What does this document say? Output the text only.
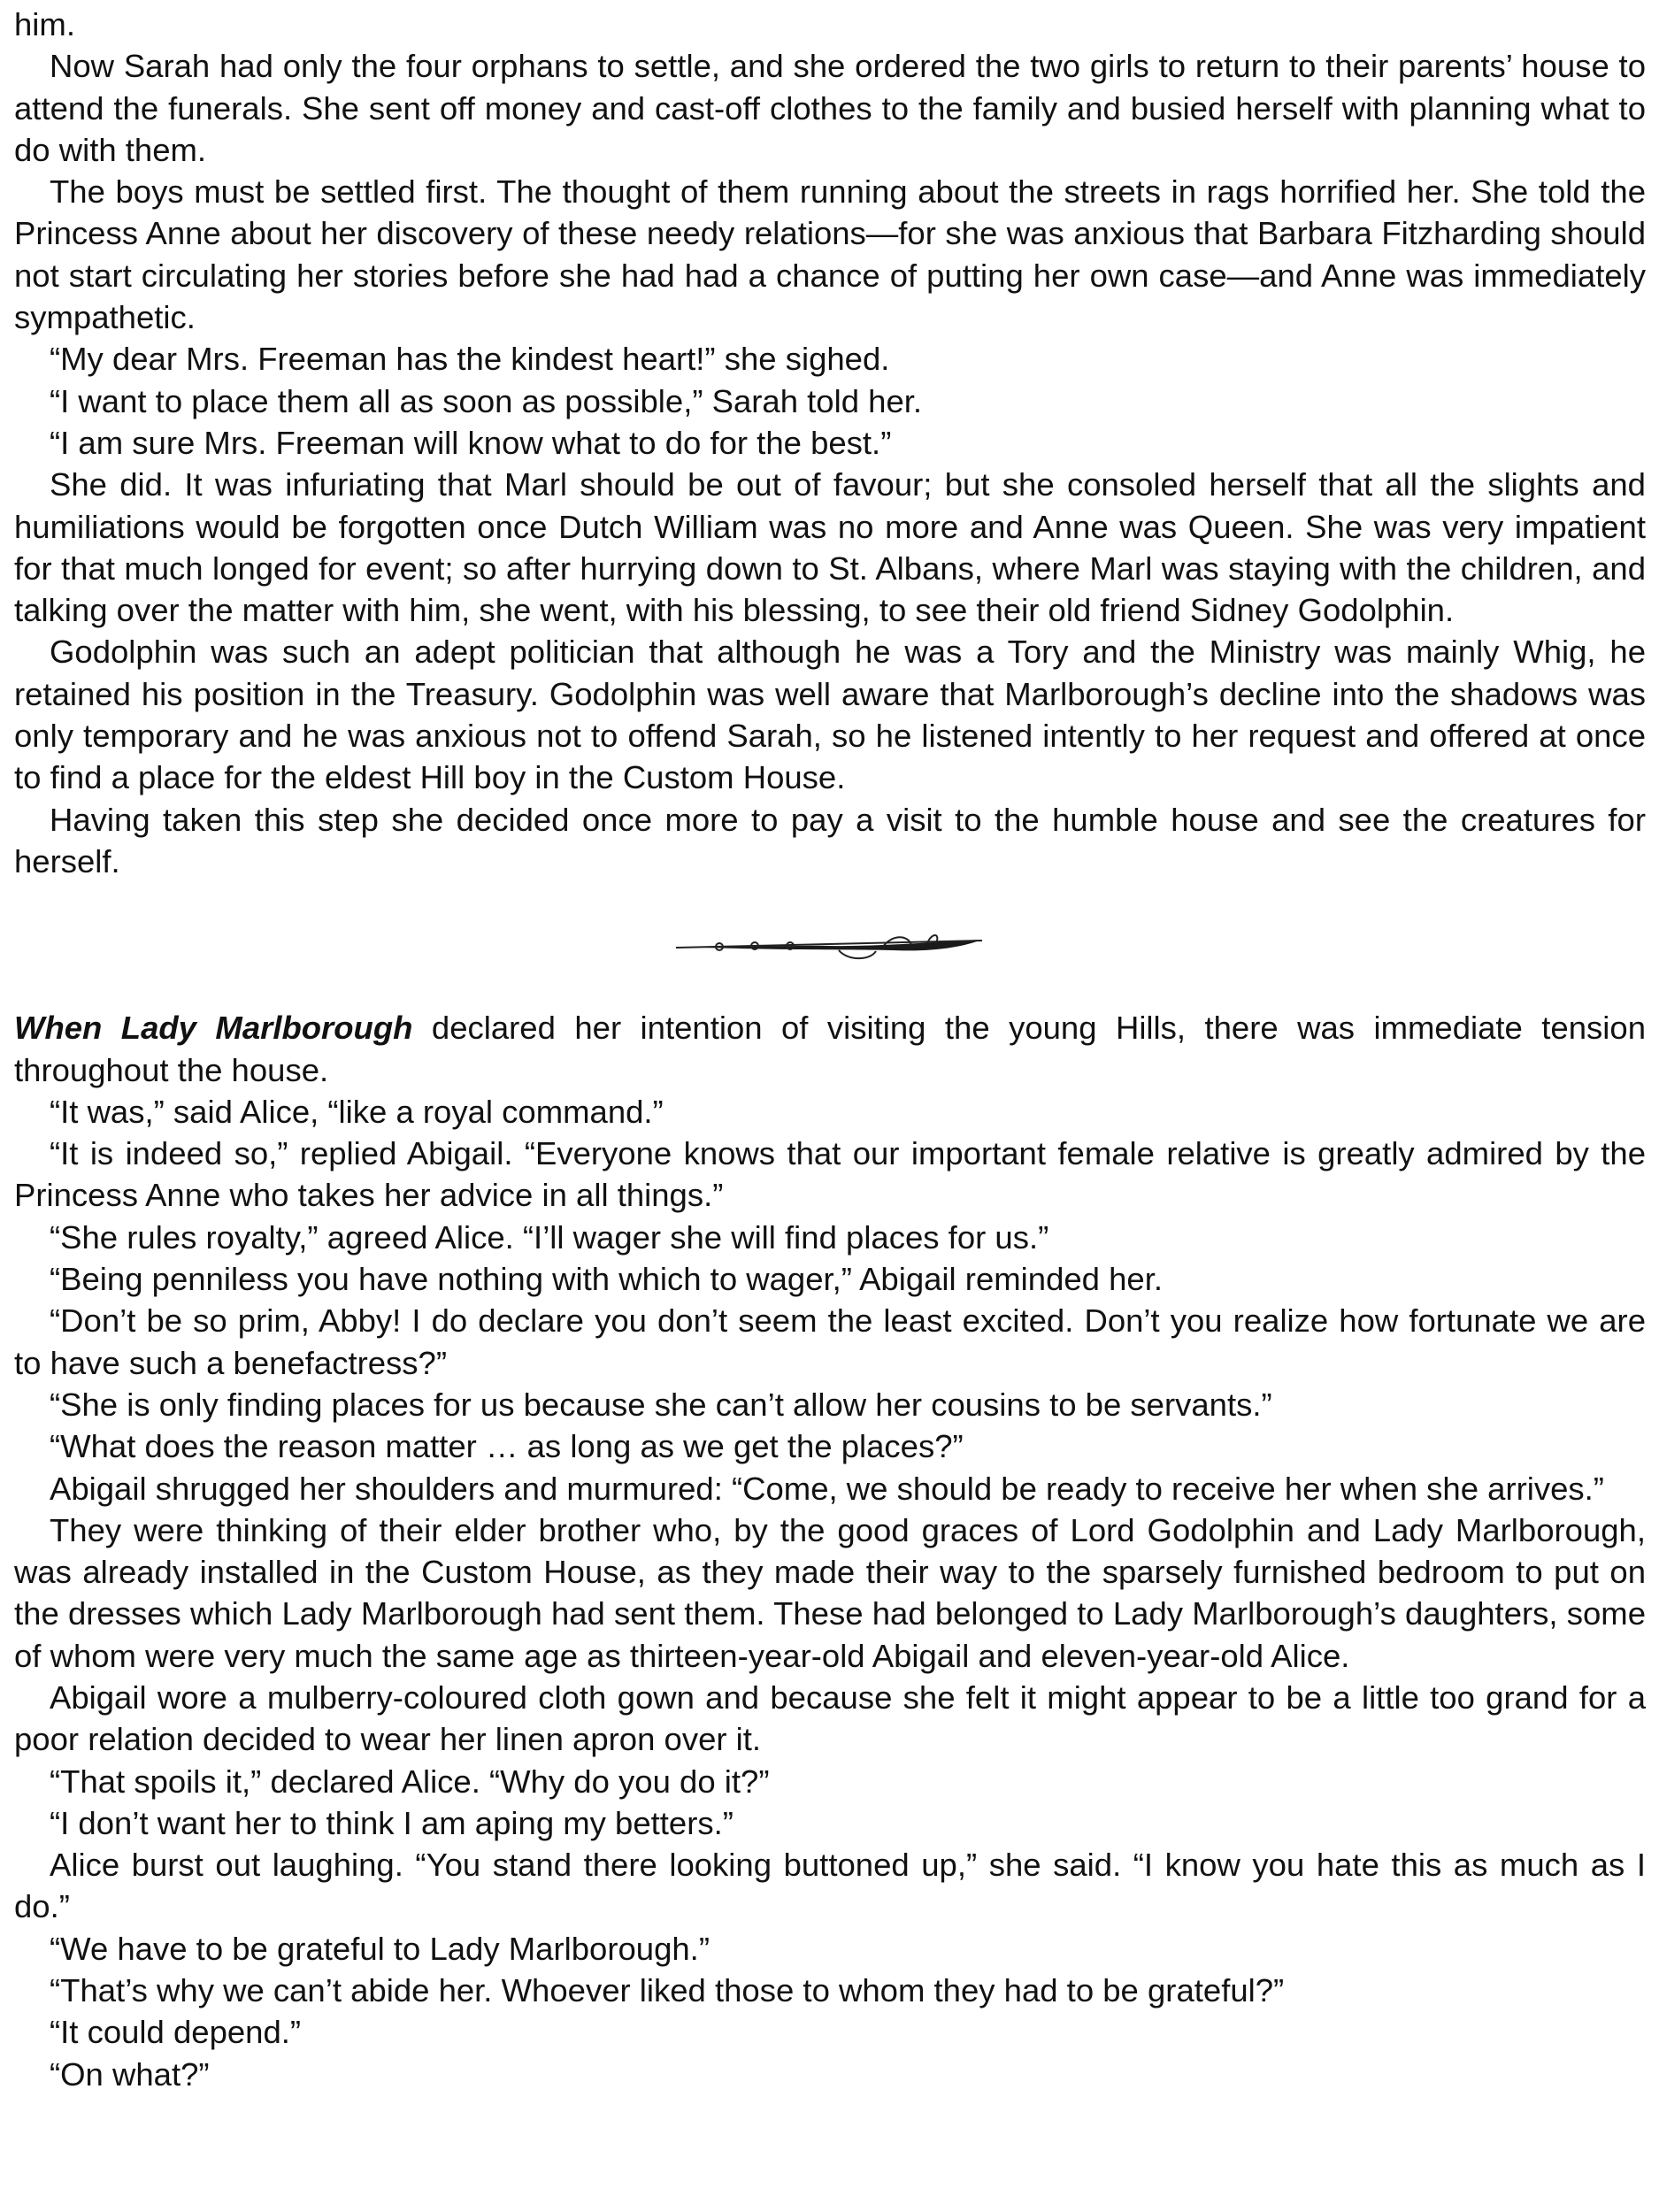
him.

Now Sarah had only the four orphans to settle, and she ordered the two girls to return to their parents’ house to attend the funerals. She sent off money and cast-off clothes to the family and busied herself with planning what to do with them.

The boys must be settled first. The thought of them running about the streets in rags horrified her. She told the Princess Anne about her discovery of these needy relations—for she was anxious that Barbara Fitzharding should not start circulating her stories before she had had a chance of putting her own case—and Anne was immediately sympathetic.

“My dear Mrs. Freeman has the kindest heart!” she sighed.

“I want to place them all as soon as possible,” Sarah told her.

“I am sure Mrs. Freeman will know what to do for the best.”

She did. It was infuriating that Marl should be out of favour; but she consoled herself that all the slights and humiliations would be forgotten once Dutch William was no more and Anne was Queen. She was very impatient for that much longed for event; so after hurrying down to St. Albans, where Marl was staying with the children, and talking over the matter with him, she went, with his blessing, to see their old friend Sidney Godolphin.

Godolphin was such an adept politician that although he was a Tory and the Ministry was mainly Whig, he retained his position in the Treasury. Godolphin was well aware that Marlborough’s decline into the shadows was only temporary and he was anxious not to offend Sarah, so he listened intently to her request and offered at once to find a place for the eldest Hill boy in the Custom House.

Having taken this step she decided once more to pay a visit to the humble house and see the creatures for herself.

When Lady Marlborough declared her intention of visiting the young Hills, there was immediate tension throughout the house.

“It was,” said Alice, “like a royal command.”

“It is indeed so,” replied Abigail. “Everyone knows that our important female relative is greatly admired by the Princess Anne who takes her advice in all things.”

“She rules royalty,” agreed Alice. “I’ll wager she will find places for us.”

“Being penniless you have nothing with which to wager,” Abigail reminded her.

“Don’t be so prim, Abby! I do declare you don’t seem the least excited. Don’t you realize how fortunate we are to have such a benefactress?”

“She is only finding places for us because she can’t allow her cousins to be servants.”

“What does the reason matter … as long as we get the places?”

Abigail shrugged her shoulders and murmured: “Come, we should be ready to receive her when she arrives.”

They were thinking of their elder brother who, by the good graces of Lord Godolphin and Lady Marlborough, was already installed in the Custom House, as they made their way to the sparsely furnished bedroom to put on the dresses which Lady Marlborough had sent them. These had belonged to Lady Marlborough’s daughters, some of whom were very much the same age as thirteen-year-old Abigail and eleven-year-old Alice.

Abigail wore a mulberry-coloured cloth gown and because she felt it might appear to be a little too grand for a poor relation decided to wear her linen apron over it.

“That spoils it,” declared Alice. “Why do you do it?”

“I don’t want her to think I am aping my betters.”

Alice burst out laughing. “You stand there looking buttoned up,” she said. “I know you hate this as much as I do.”

“We have to be grateful to Lady Marlborough.”

“That’s why we can’t abide her. Whoever liked those to whom they had to be grateful?”

“It could depend.”

“On what?”
